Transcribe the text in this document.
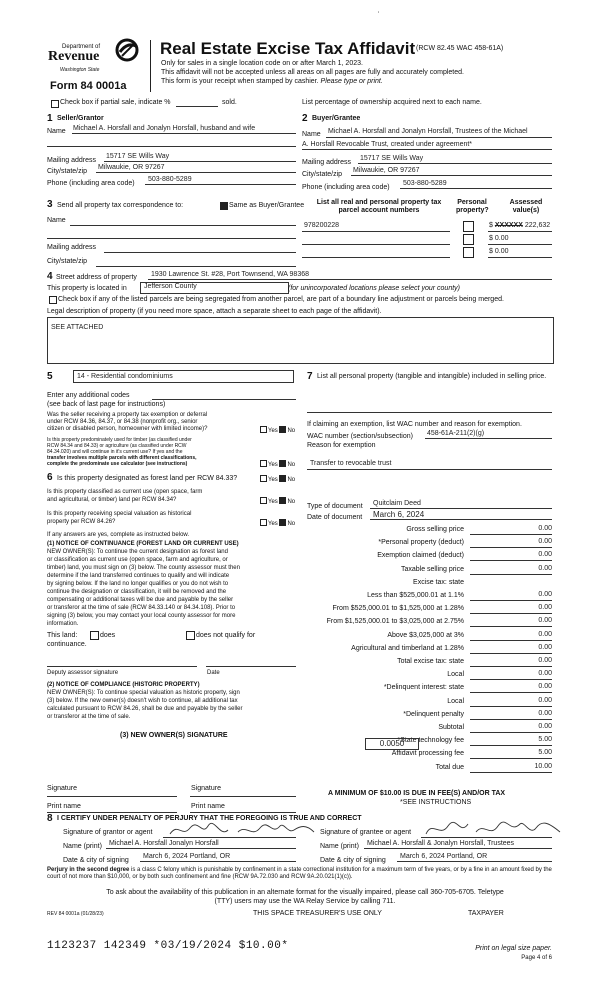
’
Department of
Revenue
Washington State
Form 84 0001a
Real Estate Excise Tax Affidavit (RCW 82.45 WAC 458-61A)
Only for sales in a single location code on or after March 1, 2023.
This affidavit will not be accepted unless all areas on all pages are fully and accurately completed.
This form is your receipt when stamped by cashier. Please type or print.
Check box if partial sale, indicate %	sold.	List percentage of ownership acquired next to each name.
1 Seller/Grantor
Name Michael A. Horsfall and Jonalyn Horsfall, husband and wife
Mailing address
15717 SE Wills Way
City/state/zip
Milwaukie, OR 97267
Phone (including area code)
503-880-5289
2 Buyer/Grantee
Name Michael A. Horsfall and Jonalyn Horsfall, Trustees of the Michael
A. Horsfall Revocable Trust, created under agreement*
Mailing address
15717 SE Wills Way
City/state/zip
Milwaukie, OR 97267
Phone (including area code)
503-880-5289
3 Send all property tax correspondence to:	Same as Buyer/Grantee
Name
Mailing address
City/state/zip
List all real and personal property tax parcel account numbers
Personal property?
Assessed value(s)
978200228	$ XXXXXX 222,632
$ 0.00
$ 0.00
4 Street address of property 1930 Lawrence St. #28, Port Townsend, WA 98368
This property is located in	Jefferson County	(for unincorporated locations please select your county)
Check box if any of the listed parcels are being segregated from another parcel, are part of a boundary line adjustment or parcels being merged.
Legal description of property (if you need more space, attach a separate sheet to each page of the affidavit).
SEE ATTACHED
5	14 - Residential condominiums
Enter any additional codes
(see back of last page for instructions)
Was the seller receiving a property tax exemption or deferral
under RCW 84.36, 84.37, or 84.38 (nonprofit org., senior
citizen or disabled person, homeowner with limited income)?	Yes No
Is this property predominately used for timber (as classified under
RCW 84.34 and 84.33) or agriculture (as classified under RCW
84.34.020) and will continue in it's current use? If yes and the
transfer involves multiple parcels with different classifications,
complete the predominate use calculator (see instructions)	Yes No
6 Is this property designated as forest land per RCW 84.33?	Yes No
Is this property classified as current use (open space, farm
and agricultural, or timber) land per RCW 84.34?	Yes No
Is this property receiving special valuation as historical
property per RCW 84.26?	Yes No
If any answers are yes, complete as instructed below.
(1) NOTICE OF CONTINUANCE (FOREST LAND OR CURRENT USE)
NEW OWNER(S): To continue the current designation as forest land
or classification as current use (open space, farm and agriculture, or
timber) land, you must sign on (3) below. The county assessor must then
determine if the land transferred continues to qualify and will indicate
by signing below. If the land no longer qualifies or you do not wish to
continue the designation or classification, it will be removed and the
compensating or additional taxes will be due and payable by the seller
or transferor at the time of sale (RCW 84.33.140 or 84.34.108). Prior to
signing (3) below, you may contact your local county assessor for more
information.
This land:	does	does not qualify for
continuance.
Deputy assessor signature	Date
(2) NOTICE OF COMPLIANCE (HISTORIC PROPERTY)
NEW OWNER(S): To continue special valuation as historic property, sign
(3) below. If the new owner(s) doesn't wish to continue, all additional tax
calculated pursuant to RCW 84.26, shall be due and payable by the seller
or transferor at the time of sale.
(3) NEW OWNER(S) SIGNATURE
Signature	Signature
Print name	Print name
7 List all personal property (tangible and intangible) included in selling price.
If claiming an exemption, list WAC number and reason for exemption.
WAC number (section/subsection) 458-61A-211(2)(g)
Reason for exemption
Transfer to revocable trust
Type of document Quitclaim Deed
Date of document March 6, 2024
Gross selling price	0.00
*Personal property (deduct)	0.00
Exemption claimed (deduct)	0.00
Taxable selling price	0.00
Excise tax: state
Less than $525,000.01 at 1.1%	0.00
From $525,000.01 to $1,525,000 at 1.28%	0.00
From $1,525,000.01 to $3,025,000 at 2.75%	0.00
Above $3,025,000 at 3%	0.00
Agricultural and timberland at 1.28%	0.00
Total excise tax: state	0.00
Local	0.00
*Delinquent interest: state	0.00
Local	0.00
*Delinquent penalty	0.00
Subtotal	0.00
*State technology fee	5.00
Affidavit processing fee	5.00
Total due	10.00
0.0050
A MINIMUM OF $10.00 IS DUE IN FEE(S) AND/OR TAX
*SEE INSTRUCTIONS
8 I CERTIFY UNDER PENALTY OF PERJURY THAT THE FOREGOING IS TRUE AND CORRECT
Signature of grantor or agent
Name (print) Michael A. Horsfall Jonalyn Horsfall
Date & city of signing
March 6, 2024 Portland, OR
Signature of grantee or agent
Name (print) Michael A. Horsfall & Jonalyn Horsfall, Trustees
Date & city of signing
March 6, 2024 Portland, OR
Perjury in the second degree is a class C felony which is punishable by confinement in a state correctional institution for a maximum term of five years, or by a fine in an amount fixed by the court of not more than $10,000, or by both such confinement and fine (RCW 9A.72.030 and RCW 9A.20.021(1)(c)).
To ask about the availability of this publication in an alternate format for the visually impaired, please call 360-705-6705. Teletype
(TTY) users may use the WA Relay Service by calling 711.
REV 84 0001a (01/28/23)	THIS SPACE TREASURER'S USE ONLY	TAXPAYER
1123237 142349 *03/19/2024 $10.00*	Print on legal size paper.
Page 4 of 6
